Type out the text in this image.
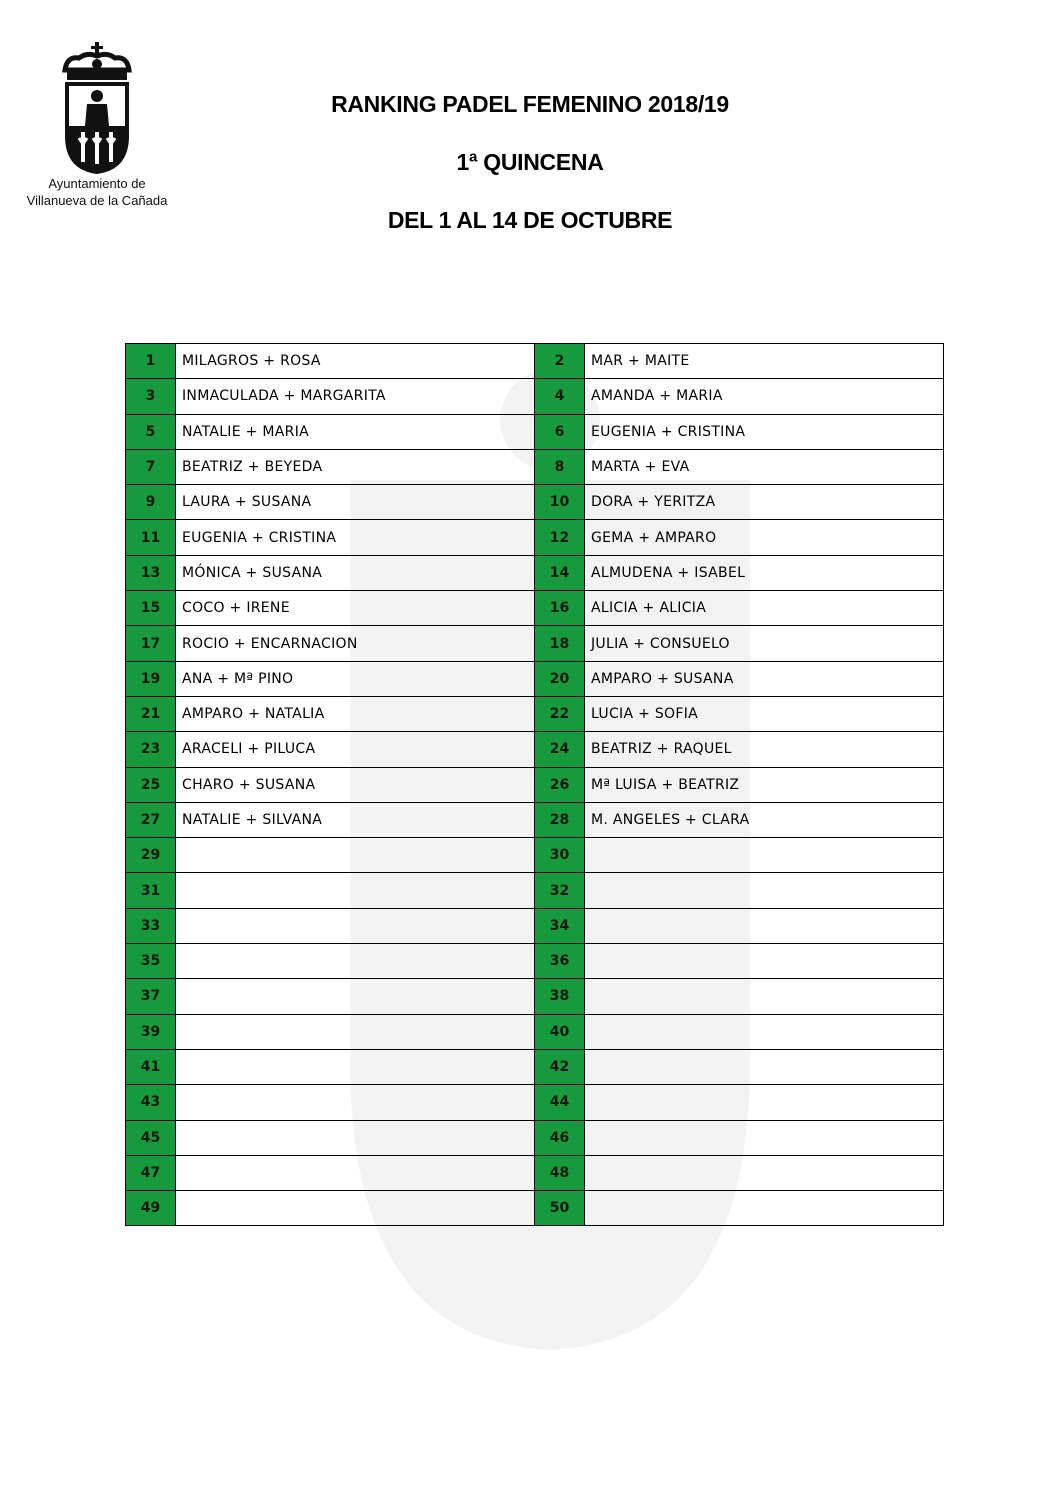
Ayuntamiento de
Villanueva de la Cañada
RANKING PADEL FEMENINO 2018/19
1ª QUINCENA
DEL 1 AL 14 DE OCTUBRE
1	MILAGROS + ROSA	2	MAR + MAITE
3	INMACULADA + MARGARITA	4	AMANDA + MARIA
5	NATALIE + MARIA	6	EUGENIA + CRISTINA
7	BEATRIZ + BEYEDA	8	MARTA + EVA
9	LAURA + SUSANA	10	DORA + YERITZA
11	EUGENIA + CRISTINA	12	GEMA + AMPARO
13	MÓNICA + SUSANA	14	ALMUDENA + ISABEL
15	COCO + IRENE	16	ALICIA + ALICIA
17	ROCIO + ENCARNACION	18	JULIA + CONSUELO
19	ANA + Mª PINO	20	AMPARO + SUSANA
21	AMPARO + NATALIA	22	LUCIA + SOFIA
23	ARACELI + PILUCA	24	BEATRIZ + RAQUEL
25	CHARO + SUSANA	26	Mª LUISA + BEATRIZ
27	NATALIE + SILVANA	28	M. ANGELES + CLARA
29		30	
31		32	
33		34	
35		36	
37		38	
39		40	
41		42	
43		44	
45		46	
47		48	
49		50	
